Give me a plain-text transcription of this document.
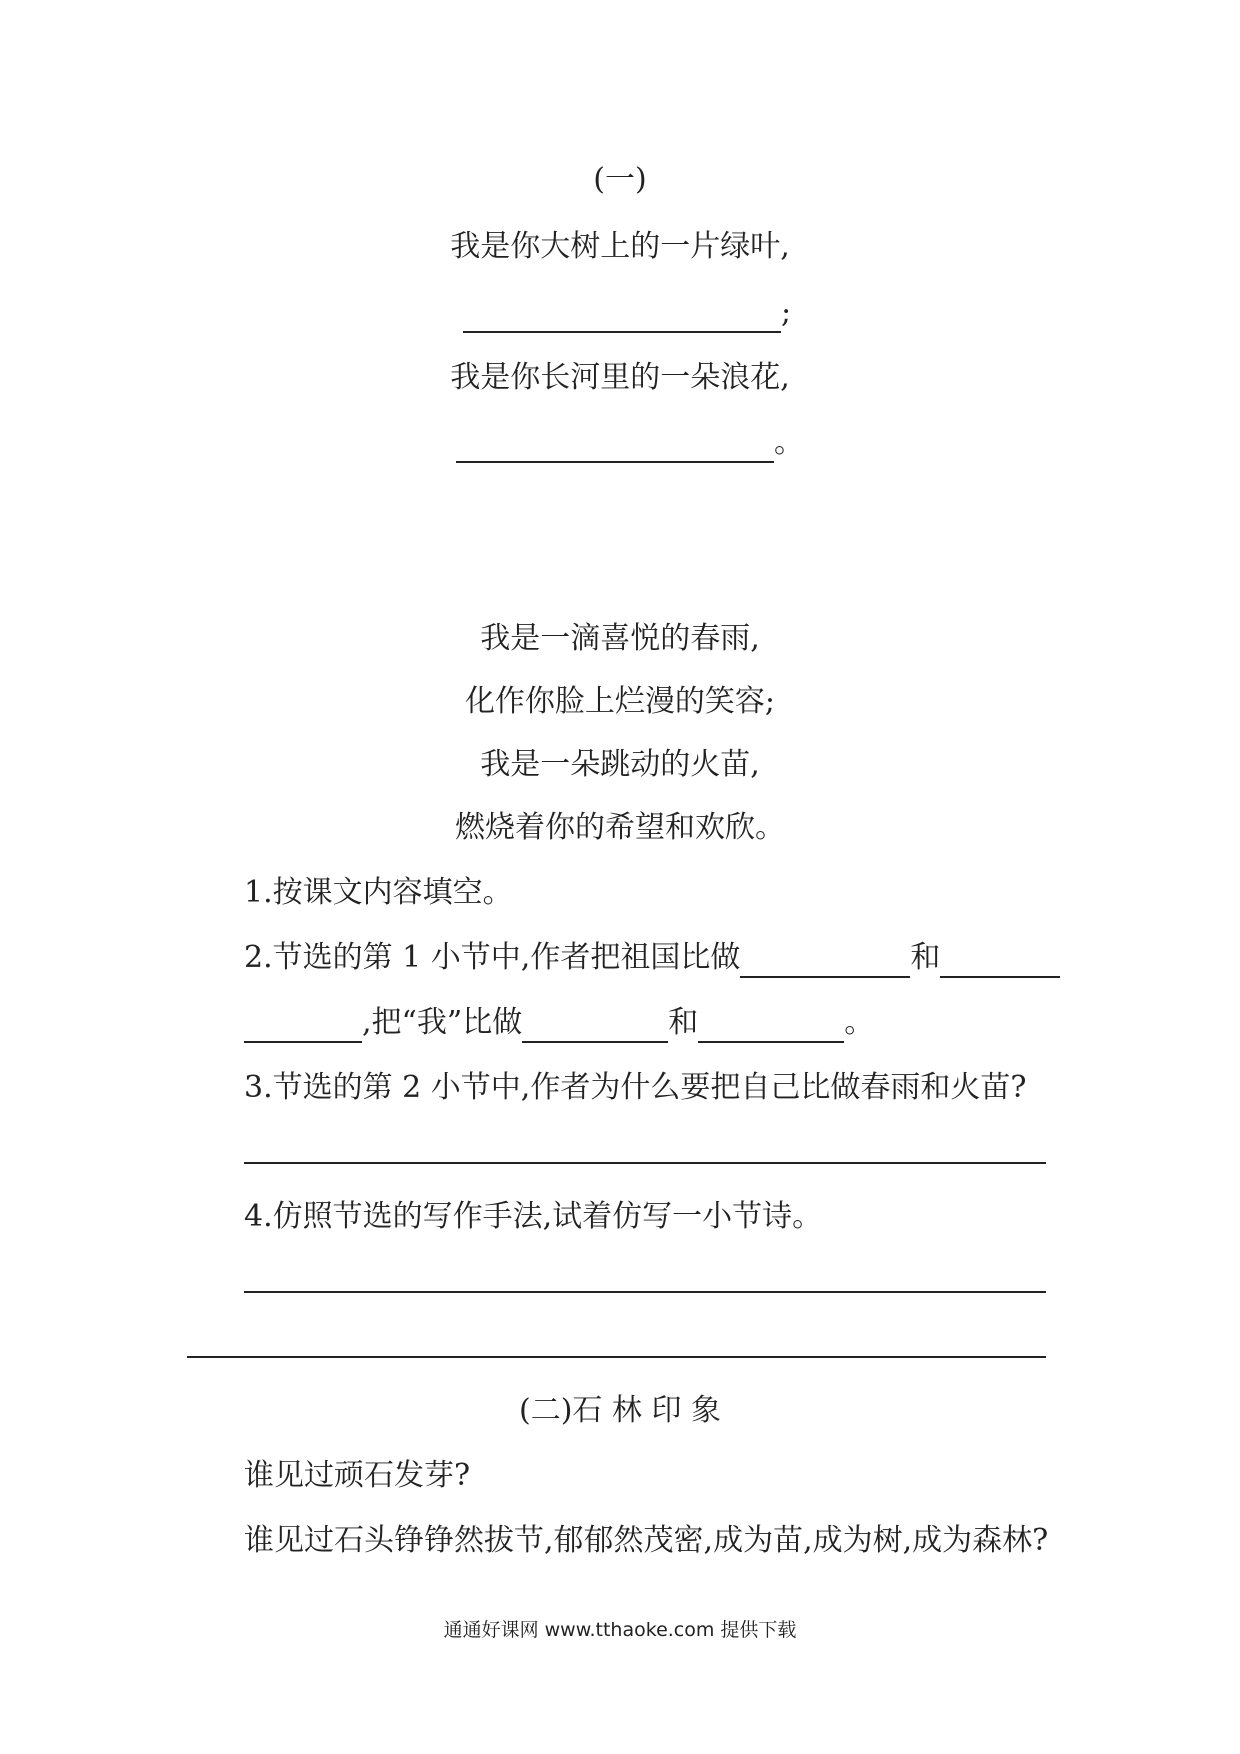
(一)
我是你大树上的一片绿叶,
;
我是你长河里的一朵浪花,
。
我是一滴喜悦的春雨,
化作你脸上烂漫的笑容;
我是一朵跳动的火苗,
燃烧着你的希望和欢欣。
1.按课文内容填空。
2.节选的第 1 小节中,作者把祖国比做	和
,把“我”比做	和	。
3.节选的第 2 小节中,作者为什么要把自己比做春雨和火苗?
4.仿照节选的写作手法,试着仿写一小节诗。
(二)石 林 印 象
谁见过顽石发芽?
谁见过石头铮铮然拔节,郁郁然茂密,成为苗,成为树,成为森林?
通通好课网 www.tthaoke.com 提供下载
